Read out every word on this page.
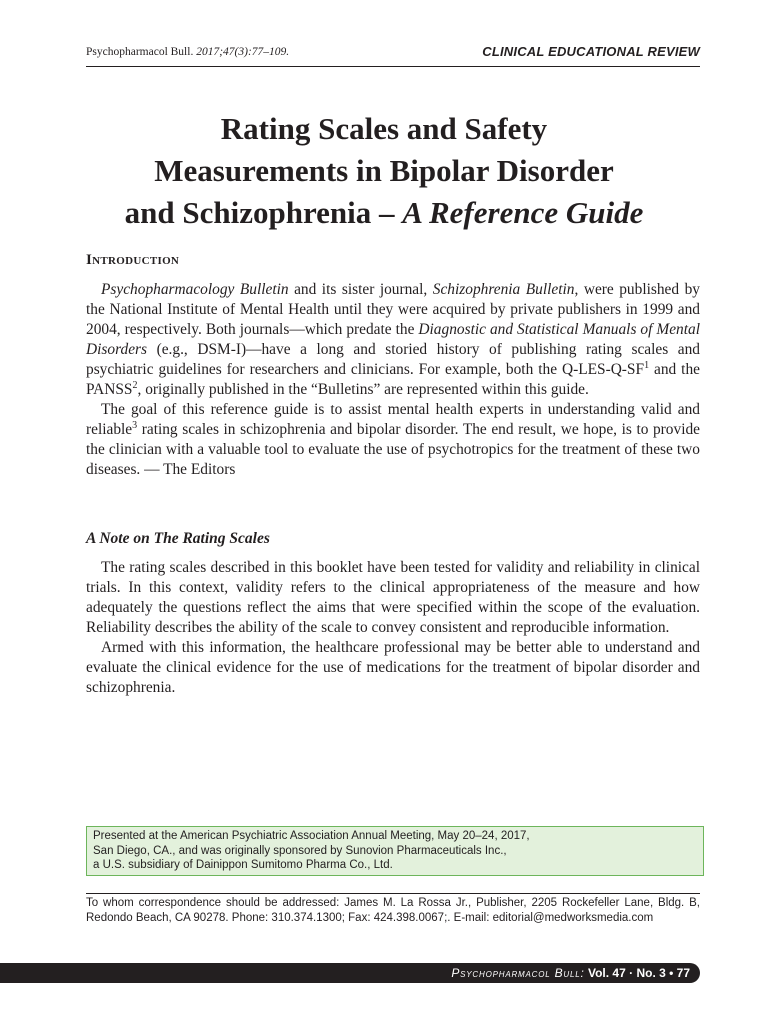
Psychopharmacol Bull. 2017;47(3):77–109.	CLINICAL EDUCATIONAL REVIEW
Rating Scales and Safety
Measurements in Bipolar Disorder
and Schizophrenia – A Reference Guide
Introduction

Psychopharmacology Bulletin and its sister journal, Schizophrenia Bulletin, were published by the National Institute of Mental Health until they were acquired by private publishers in 1999 and 2004, respectively. Both journals—which predate the Diagnostic and Statistical Manuals of Mental Disorders (e.g., DSM-I)—have a long and storied history of publishing rating scales and psychiatric guidelines for researchers and clinicians. For example, both the $Q-LES-Q-SF^1$ and the PANSS$^2$, originally published in the “Bulletins” are represented within this guide.

The goal of this reference guide is to assist mental health experts in understanding valid and reliable$^3$ rating scales in schizophrenia and bipolar disorder. The end result, we hope, is to provide the clinician with a valuable tool to evaluate the use of psychotropics for the treatment of these two diseases. — The Editors

A Note on The Rating Scales

The rating scales described in this booklet have been tested for validity and reliability in clinical trials. In this context, validity refers to the clinical appropriateness of the measure and how adequately the questions reflect the aims that were specified within the scope of the evaluation. Reliability describes the ability of the scale to convey consistent and reproducible information.

Armed with this information, the healthcare professional may be better able to understand and evaluate the clinical evidence for the use of medications for the treatment of bipolar disorder and schizophrenia.

Presented at the American Psychiatric Association Annual Meeting, May 20–24, 2017,
San Diego, CA., and was originally sponsored by Sunovion Pharmaceuticals Inc.,
a U.S. subsidiary of Dainippon Sumitomo Pharma Co., Ltd.
To whom correspondence should be addressed: James M. La Rossa Jr., Publisher, 2205 Rockefeller Lane, Bldg. B, Redondo Beach, CA 90278. Phone: 310.374.1300; Fax: 424.398.0067;. E-mail: editorial@medworksmedia.com
Psychopharmacol Bull: Vol. 47 · No. 3 • 77
